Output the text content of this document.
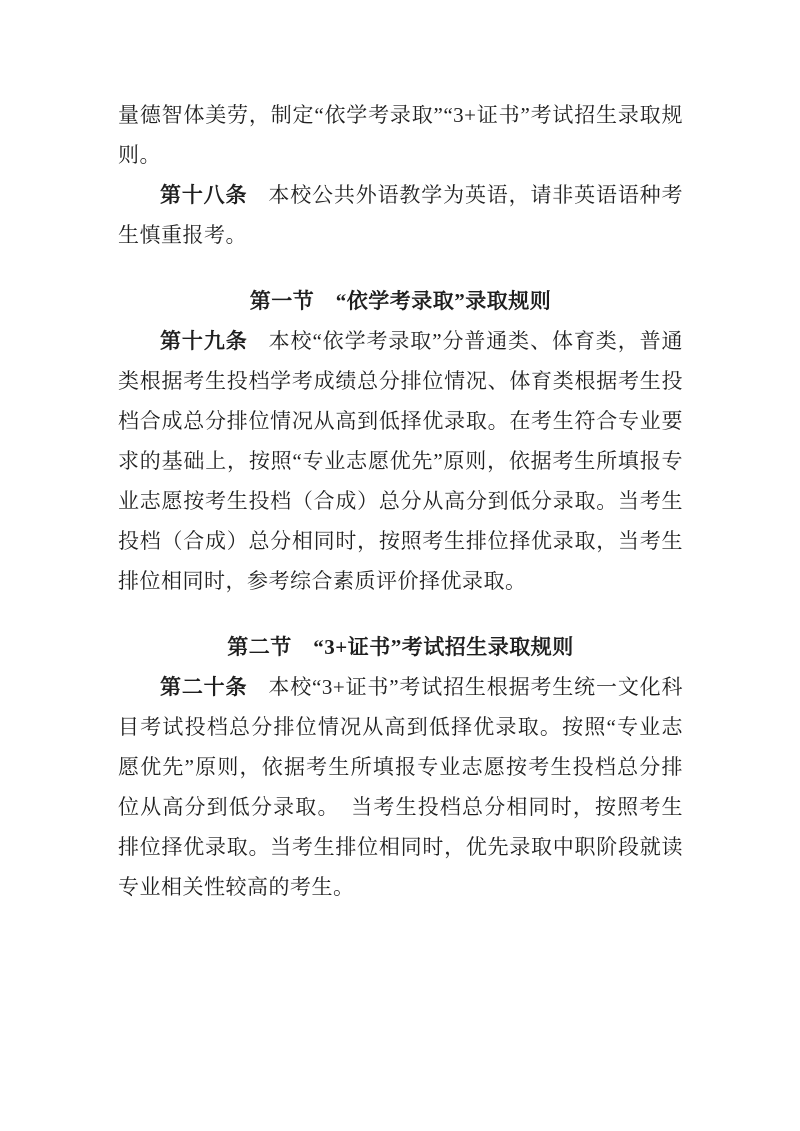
量德智体美劳，制定“依学考录取”“3+证书”考试招生录取规则。

第十八条 本校公共外语教学为英语，请非英语语种考生慎重报考。

第一节　“依学考录取”录取规则

第十九条 本校“依学考录取”分普通类、体育类，普通类根据考生投档学考成绩总分排位情况、体育类根据考生投档合成总分排位情况从高到低择优录取。在考生符合专业要求的基础上，按照“专业志愿优先”原则，依据考生所填报专业志愿按考生投档（合成）总分从高分到低分录取。当考生投档（合成）总分相同时，按照考生排位择优录取，当考生排位相同时，参考综合素质评价择优录取。

第二节　“3+证书”考试招生录取规则

第二十条 本校“3+证书”考试招生根据考生统一文化科目考试投档总分排位情况从高到低择优录取。按照“专业志愿优先”原则，依据考生所填报专业志愿按考生投档总分排位从高分到低分录取。　当考生投档总分相同时，按照考生排位择优录取。当考生排位相同时，优先录取中职阶段就读专业相关性较高的考生。
